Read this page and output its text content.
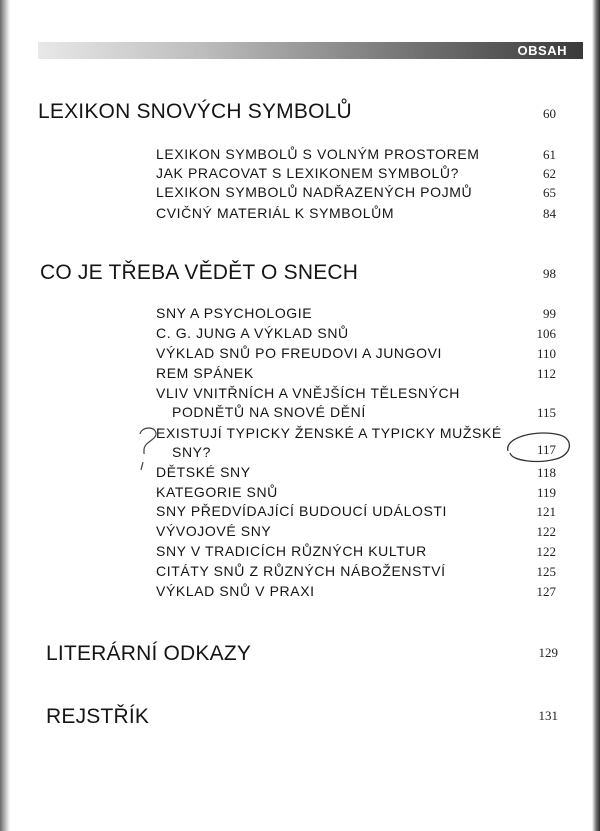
OBSAH
LEXIKON SNOVÝCH SYMBOLŮ	60
LEXIKON SYMBOLŮ S VOLNÝM PROSTOREM	61
JAK PRACOVAT S LEXIKONEM SYMBOLŮ?	62
LEXIKON SYMBOLŮ NADŘAZENÝCH POJMŮ	65
CVIČNÝ MATERIÁL K SYMBOLŮM	84
CO JE TŘEBA VĚDĚT O SNECH	98
SNY A PSYCHOLOGIE	99
C. G. JUNG A VÝKLAD SNŮ	106
VÝKLAD SNŮ PO FREUDOVI A JUNGOVI	110
REM SPÁNEK	112
VLIV VNITŘNÍCH A VNĚJŠÍCH TĚLESNÝCH
PODNĚTŮ NA SNOVÉ DĚNÍ	115
EXISTUJÍ TYPICKY ŽENSKÉ A TYPICKY MUŽSKÉ
SNY?	117
DĚTSKÉ SNY	118
KATEGORIE SNŮ	119
SNY PŘEDVÍDAJÍCÍ BUDOUCÍ UDÁLOSTI	121
VÝVOJOVÉ SNY	122
SNY V TRADICÍCH RŮZNÝCH KULTUR	122
CITÁTY SNŮ Z RŮZNÝCH NÁBOŽENSTVÍ	125
VÝKLAD SNŮ V PRAXI	127
LITERÁRNÍ ODKAZY	129
REJSTŘÍK	131
